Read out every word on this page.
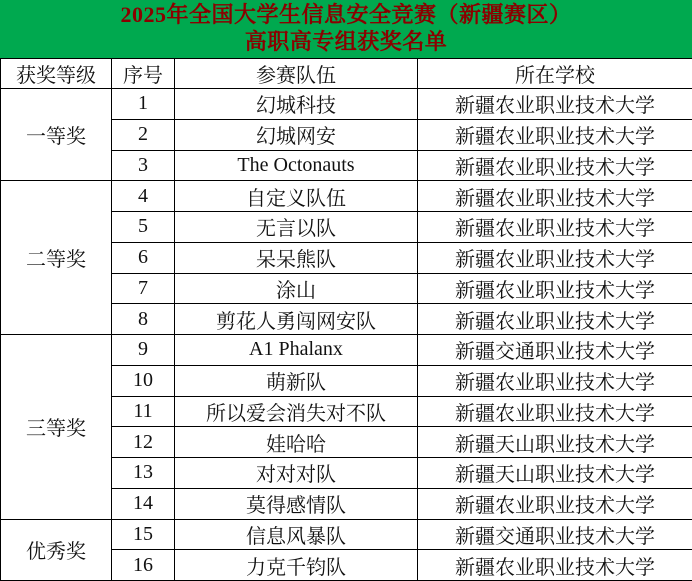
2025年全国大学生信息安全竞赛（新疆赛区）
高职高专组获奖名单
获奖等级	序号	参赛队伍	所在学校
一等奖	1	幻城科技	新疆农业职业技术大学
	2	幻城网安	新疆农业职业技术大学
	3	The Octonauts	新疆农业职业技术大学
二等奖	4	自定义队伍	新疆农业职业技术大学
	5	无言以队	新疆农业职业技术大学
	6	呆呆熊队	新疆农业职业技术大学
	7	涂山	新疆农业职业技术大学
	8	剪花人勇闯网安队	新疆农业职业技术大学
三等奖	9	A1 Phalanx	新疆交通职业技术大学
	10	萌新队	新疆农业职业技术大学
	11	所以爱会消失对不队	新疆农业职业技术大学
	12	娃哈哈	新疆天山职业技术大学
	13	对对对队	新疆天山职业技术大学
	14	莫得感情队	新疆农业职业技术大学
优秀奖	15	信息风暴队	新疆交通职业技术大学
	16	力克千钧队	新疆农业职业技术大学
